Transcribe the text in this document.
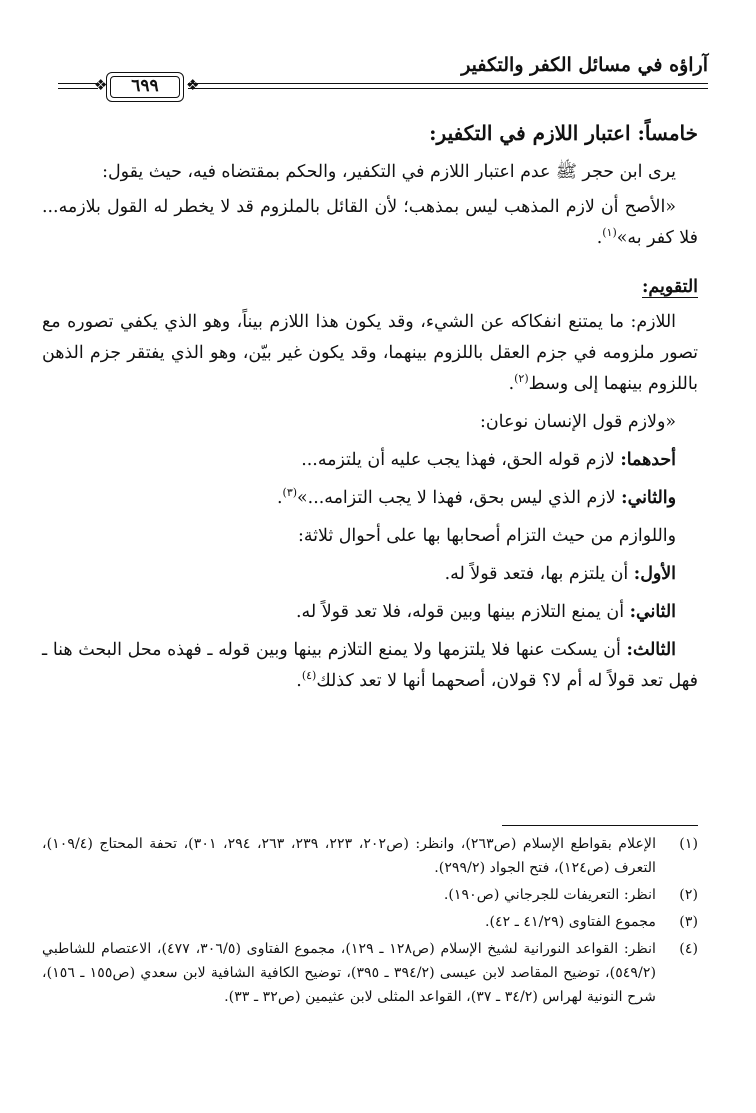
آراؤه في مسائل الكفر والتكفير
❖	٦٩٩	❖

خامساً: اعتبار اللازم في التكفير:

يرى ابن حجر ﷺ عدم اعتبار اللازم في التكفير، والحكم بمقتضاه فيه، حيث يقول:

«الأصح أن لازم المذهب ليس بمذهب؛ لأن القائل بالملزوم قد لا يخطر له القول بلازمه... فلا كفر به»$^{(١)}$.

التقويم:

اللازم: ما يمتنع انفكاكه عن الشيء، وقد يكون هذا اللازم بيناً، وهو الذي يكفي تصوره مع تصور ملزومه في جزم العقل باللزوم بينهما، وقد يكون غير بيّن، وهو الذي يفتقر جزم الذهن باللزوم بينهما إلى وسط$^{(٢)}$.

«ولازم قول الإنسان نوعان:

أحدهما: لازم قوله الحق، فهذا يجب عليه أن يلتزمه...

والثاني: لازم الذي ليس بحق، فهذا لا يجب التزامه...»$^{(٣)}$.

واللوازم من حيث التزام أصحابها بها على أحوال ثلاثة:

الأول: أن يلتزم بها، فتعد قولاً له.

الثاني: أن يمنع التلازم بينها وبين قوله، فلا تعد قولاً له.

الثالث: أن يسكت عنها فلا يلتزمها ولا يمنع التلازم بينها وبين قوله ـ فهذه محل البحث هنا ـ فهل تعد قولاً له أم لا؟ قولان، أصحهما أنها لا تعد كذلك$^{(٤)}$.

(١)
الإعلام بقواطع الإسلام (ص٢٦٣)، وانظر: (ص٢٠٢، ٢٢٣، ٢٣٩، ٢٦٣، ٢٩٤، ٣٠١)، تحفة المحتاج (١٠٩/٤)، التعرف (ص١٢٤)، فتح الجواد (٢٩٩/٢).
(٢)
انظر: التعريفات للجرجاني (ص١٩٠).
(٣)
مجموع الفتاوى (٤١/٢٩ ـ ٤٢).
(٤)
انظر: القواعد النورانية لشيخ الإسلام (ص١٢٨ ـ ١٢٩)، مجموع الفتاوى (٣٠٦/٥، ٤٧٧)، الاعتصام للشاطبي (٥٤٩/٢)، توضيح المقاصد لابن عيسى (٣٩٤/٢ ـ ٣٩٥)، توضيح الكافية الشافية لابن سعدي (ص١٥٥ ـ ١٥٦)، شرح النونية لهراس (٣٤/٢ ـ ٣٧)، القواعد المثلى لابن عثيمين (ص٣٢ ـ ٣٣).
